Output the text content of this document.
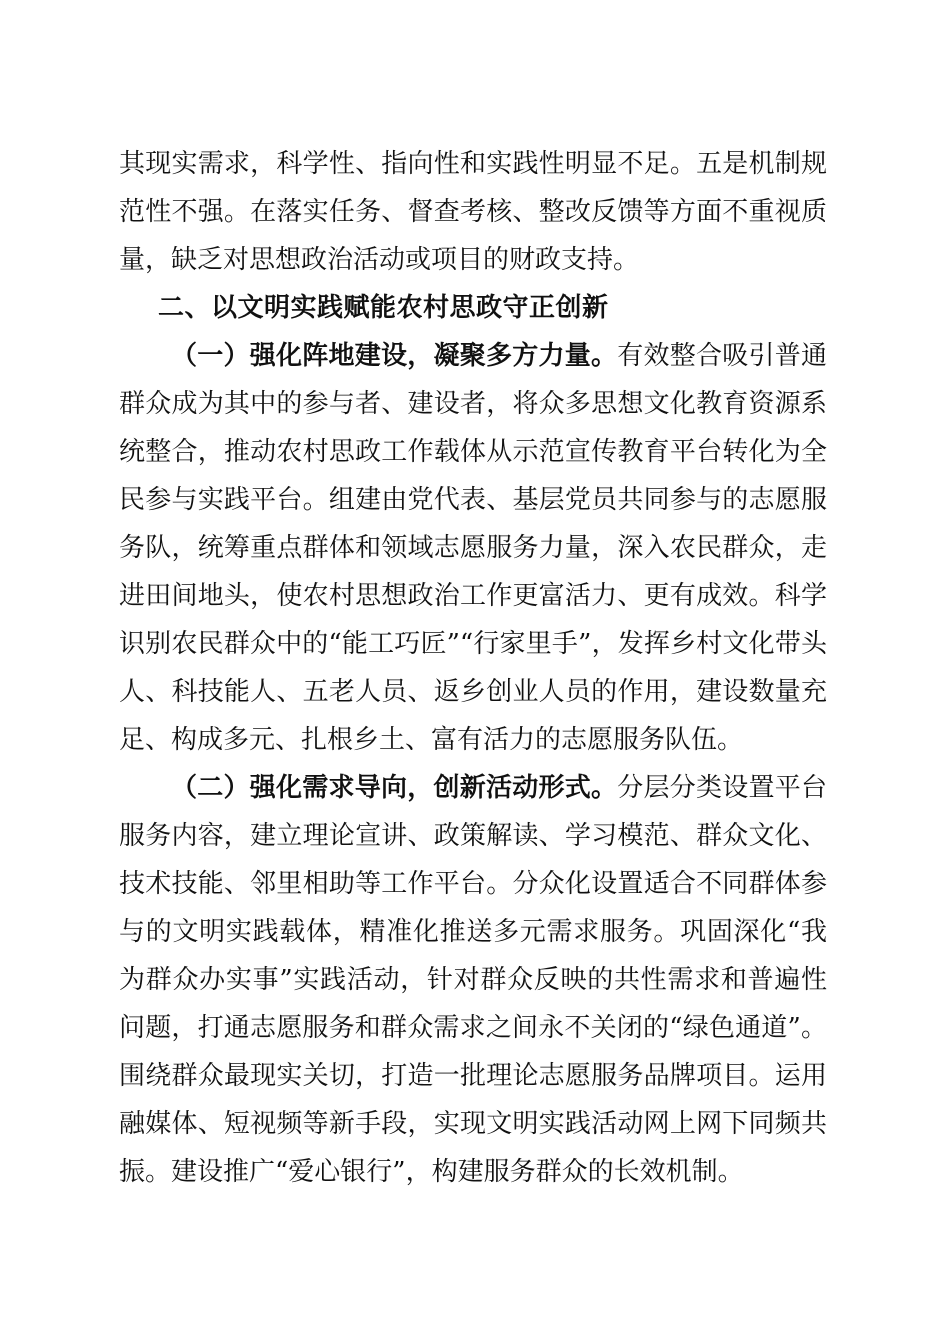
其现实需求，科学性、指向性和实践性明显不足。五是机制规范性不强。在落实任务、督查考核、整改反馈等方面不重视质量，缺乏对思想政治活动或项目的财政支持。

二、以文明实践赋能农村思政守正创新

（一）强化阵地建设，凝聚多方力量。有效整合吸引普通群众成为其中的参与者、建设者，将众多思想文化教育资源系统整合，推动农村思政工作载体从示范宣传教育平台转化为全民参与实践平台。组建由党代表、基层党员共同参与的志愿服务队，统筹重点群体和领域志愿服务力量，深入农民群众，走进田间地头，使农村思想政治工作更富活力、更有成效。科学识别农民群众中的“能工巧匠”“行家里手”，发挥乡村文化带头人、科技能人、五老人员、返乡创业人员的作用，建设数量充足、构成多元、扎根乡土、富有活力的志愿服务队伍。

（二）强化需求导向，创新活动形式。分层分类设置平台服务内容，建立理论宣讲、政策解读、学习模范、群众文化、技术技能、邻里相助等工作平台。分众化设置适合不同群体参与的文明实践载体，精准化推送多元需求服务。巩固深化“我为群众办实事”实践活动，针对群众反映的共性需求和普遍性问题，打通志愿服务和群众需求之间永不关闭的“绿色通道”。围绕群众最现实关切，打造一批理论志愿服务品牌项目。运用融媒体、短视频等新手段，实现文明实践活动网上网下同频共振。建设推广“爱心银行”，构建服务群众的长效机制。
